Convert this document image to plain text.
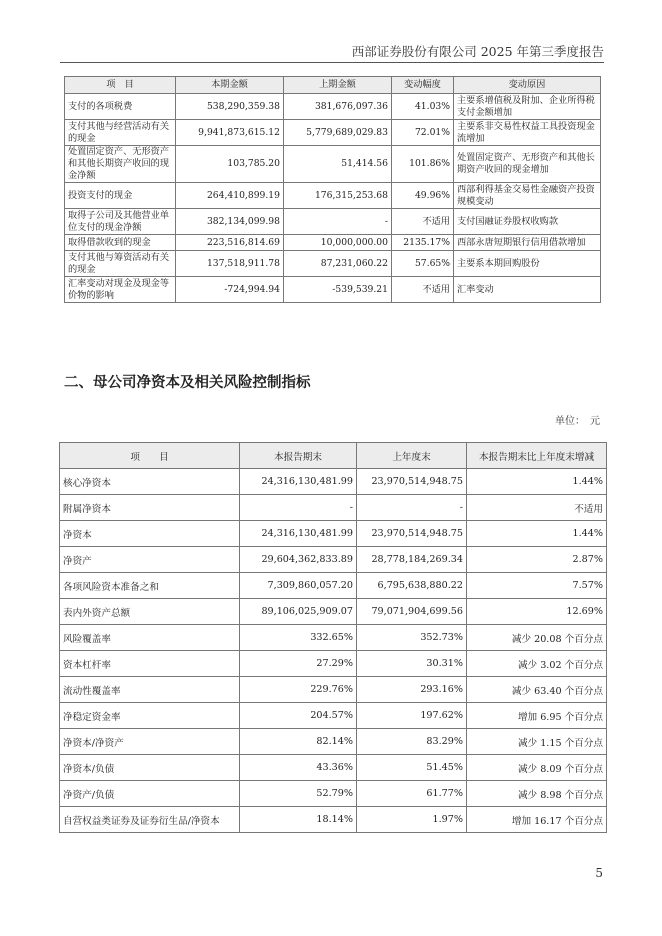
西部证券股份有限公司 2025 年第三季度报告
项　目	本期金额	上期金额	变动幅度	变动原因
支付的各项税费	538,290,359.38	381,676,097.36	41.03%	主要系增值税及附加、企业所得税支付金额增加
支付其他与经营活动有关的现金	9,941,873,615.12	5,779,689,029.83	72.01%	主要系非交易性权益工具投资现金流增加
处置固定资产、无形资产和其他长期资产收回的现金净额	103,785.20	51,414.56	101.86%	处置固定资产、无形资产和其他长期资产收回的现金增加
投资支付的现金	264,410,899.19	176,315,253.68	49.96%	西部利得基金交易性金融资产投资规模变动
取得子公司及其他营业单位支付的现金净额	382,134,099.98	-	不适用	支付国融证券股权收购款
取得借款收到的现金	223,516,814.69	10,000,000.00	2135.17%	西部永唐短期银行信用借款增加
支付其他与筹资活动有关的现金	137,518,911.78	87,231,060.22	57.65%	主要系本期回购股份
汇率变动对现金及现金等价物的影响	-724,994.94	-539,539.21	不适用	汇率变动
二、母公司净资本及相关风险控制指标
单位：　元
项　　目	本报告期末	上年度末	本报告期末比上年度末增减
核心净资本	24,316,130,481.99	23,970,514,948.75	1.44%
附属净资本	-	-	不适用
净资本	24,316,130,481.99	23,970,514,948.75	1.44%
净资产	29,604,362,833.89	28,778,184,269.34	2.87%
各项风险资本准备之和	7,309,860,057.20	6,795,638,880.22	7.57%
表内外资产总额	89,106,025,909.07	79,071,904,699.56	12.69%
风险覆盖率	332.65%	352.73%	减少 20.08 个百分点
资本杠杆率	27.29%	30.31%	减少 3.02 个百分点
流动性覆盖率	229.76%	293.16%	减少 63.40 个百分点
净稳定资金率	204.57%	197.62%	增加 6.95 个百分点
净资本/净资产	82.14%	83.29%	减少 1.15 个百分点
净资本/负债	43.36%	51.45%	减少 8.09 个百分点
净资产/负债	52.79%	61.77%	减少 8.98 个百分点
自营权益类证券及证券衍生品/净资本	18.14%	1.97%	增加 16.17 个百分点
5
